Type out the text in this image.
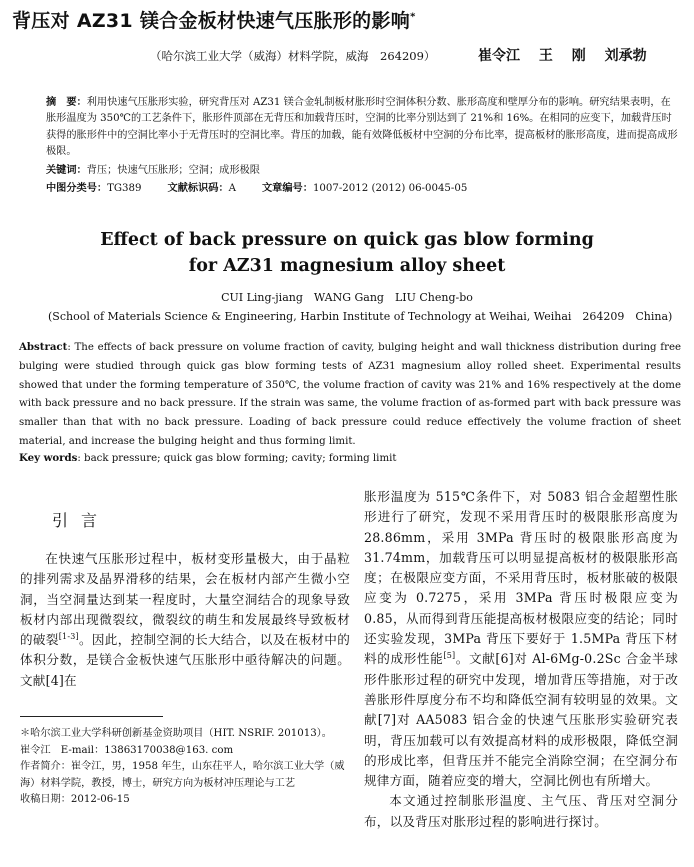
背压对 AZ31 镁合金板材快速气压胀形的影响*
（哈尔滨工业大学（威海）材料学院，威海　264209）	崔令江 王 刚 刘承勃
摘　要：利用快速气压胀形实验，研究背压对 AZ31 镁合金轧制板材胀形时空洞体积分数、胀形高度和壁厚分布的影响。研究结果表明，在胀形温度为 350℃的工艺条件下，胀形件顶部在无背压和加载背压时，空洞的比率分别达到了 21%和 16%。在相同的应变下，加载背压时获得的胀形件中的空洞比率小于无背压时的空洞比率。背压的加载，能有效降低板材中空洞的分布比率，提高板材的胀形高度，进而提高成形极限。
关键词：背压；快速气压胀形；空洞；成形极限
中图分类号：TG389	文献标识码：A	文章编号：1007-2012 (2012) 06-0045-05
Effect of back pressure on quick gas blow forming
for AZ31 magnesium alloy sheet
CUI Ling-jiang　WANG Gang　LIU Cheng-bo
(School of Materials Science & Engineering, Harbin Institute of Technology at Weihai, Weihai　264209　China)
Abstract: The effects of back pressure on volume fraction of cavity, bulging height and wall thickness distribution during free bulging were studied through quick gas blow forming tests of AZ31 magnesium alloy rolled sheet. Experimental results showed that under the forming temperature of 350℃, the volume fraction of cavity was 21% and 16% respectively at the dome with back pressure and no back pressure. If the strain was same, the volume fraction of as-formed part with back pressure was smaller than that with no back pressure. Loading of back pressure could reduce effectively the volume fraction of sheet material, and increase the bulging height and thus forming limit.
Key words: back pressure; quick gas blow forming; cavity; forming limit
引言

在快速气压胀形过程中，板材变形量极大，由于晶粒的排列需求及晶界滑移的结果，会在板材内部产生微小空洞，当空洞量达到某一程度时，大量空洞结合的现象导致板材内部出现微裂纹，微裂纹的萌生和发展最终导致板材的破裂[1-3]。因此，控制空洞的长大结合，以及在板材中的体积分数，是镁合金板快速气压胀形中亟待解决的问题。文献[4]在

＊哈尔滨工业大学科研创新基金资助项目（HIT. NSRIF. 201013）。

崔令江　E-mail：13863170038@163. com

作者简介：崔令江，男，1958 年生，山东茌平人，哈尔滨工业大学（威海）材料学院，教授，博士，研究方向为板材冲压理论与工艺

收稿日期：2012-06-15

胀形温度为 515℃条件下，对 5083 铝合金超塑性胀形进行了研究，发现不采用背压时的极限胀形高度为 28.86mm，采用 3MPa 背压时的极限胀形高度为 31.74mm，加载背压可以明显提高板材的极限胀形高度；在极限应变方面，不采用背压时，板材胀破的极限应变为 0.7275，采用 3MPa 背压时极限应变为 0.85，从而得到背压能提高板材极限应变的结论；同时还实验发现，3MPa 背压下要好于 1.5MPa 背压下材料的成形性能[5]。文献[6]对 Al-6Mg-0.2Sc 合金半球形件胀形过程的研究中发现，增加背压等措施，对于改善胀形件厚度分布不均和降低空洞有较明显的效果。文献[7]对 AA5083 铝合金的快速气压胀形实验研究表明，背压加载可以有效提高材料的成形极限，降低空洞的形成比率，但背压并不能完全消除空洞；在空洞分布规律方面，随着应变的增大，空洞比例也有所增大。

本文通过控制胀形温度、主气压、背压对空洞分布，以及背压对胀形过程的影响进行探讨。
